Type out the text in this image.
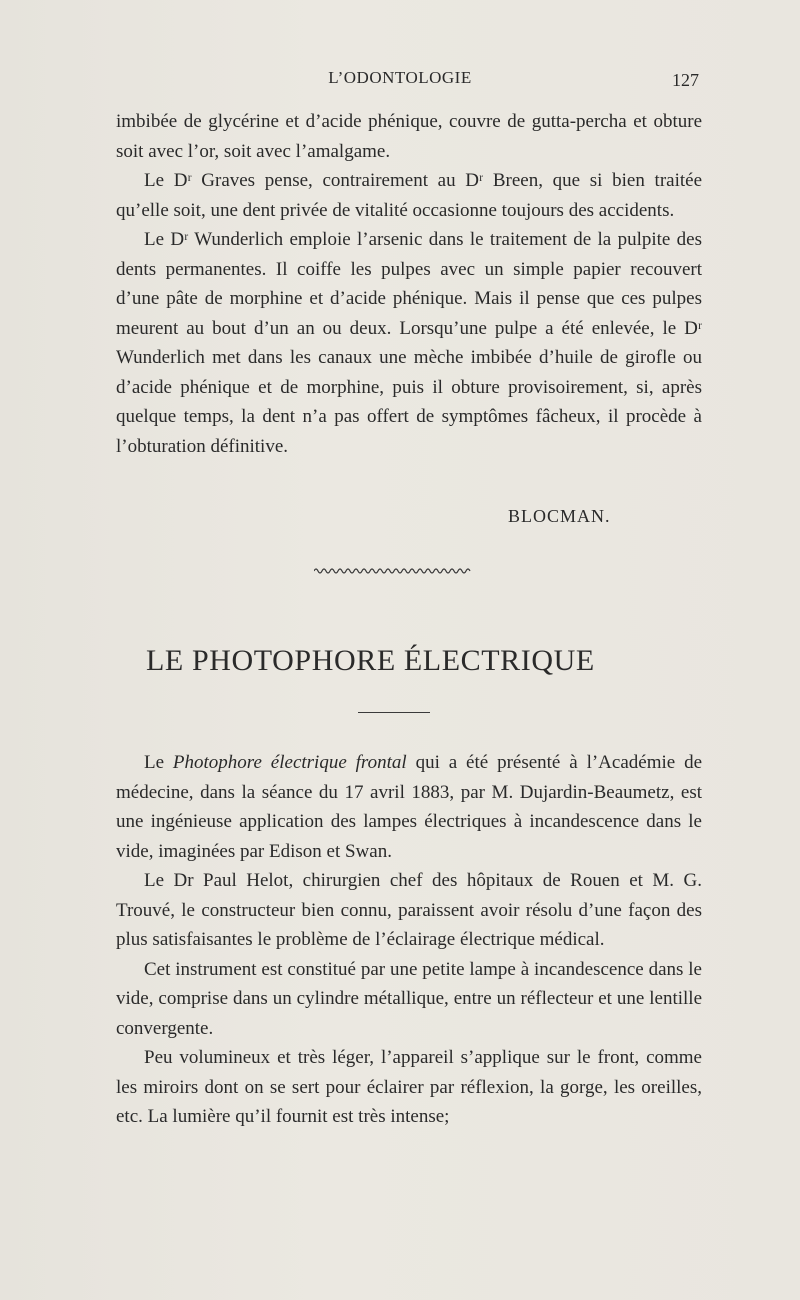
L’ODONTOLOGIE	127

imbibée de glycérine et d’acide phénique, couvre de gutta-percha et obture soit avec l’or, soit avec l’amalgame.

Le Dʳ Graves pense, contrairement au Dʳ Breen, que si bien traitée qu’elle soit, une dent privée de vitalité occasionne toujours des accidents.

Le Dʳ Wunderlich emploie l’arsenic dans le traitement de la pulpite des dents permanentes. Il coiffe les pulpes avec un simple papier recouvert d’une pâte de morphine et d’acide phénique. Mais il pense que ces pulpes meurent au bout d’un an ou deux. Lorsqu’une pulpe a été enlevée, le Dʳ Wunderlich met dans les canaux une mèche imbibée d’huile de girofle ou d’acide phénique et de morphine, puis il obture provisoirement, si, après quelque temps, la dent n’a pas offert de symptômes fâcheux, il procède à l’obturation définitive.

BLOCMAN.
LE PHOTOPHORE ÉLECTRIQUE

Le Photophore électrique frontal qui a été présenté à l’Académie de médecine, dans la séance du 17 avril 1883, par M. Dujardin-Beaumetz, est une ingénieuse application des lampes électriques à incandescence dans le vide, imaginées par Edison et Swan.

Le Dr Paul Helot, chirurgien chef des hôpitaux de Rouen et M. G. Trouvé, le constructeur bien connu, paraissent avoir résolu d’une façon des plus satisfaisantes le problème de l’éclairage électrique médical.

Cet instrument est constitué par une petite lampe à incandescence dans le vide, comprise dans un cylindre métallique, entre un réflecteur et une lentille convergente.

Peu volumineux et très léger, l’appareil s’applique sur le front, comme les miroirs dont on se sert pour éclairer par réflexion, la gorge, les oreilles, etc. La lumière qu’il fournit est très intense;
